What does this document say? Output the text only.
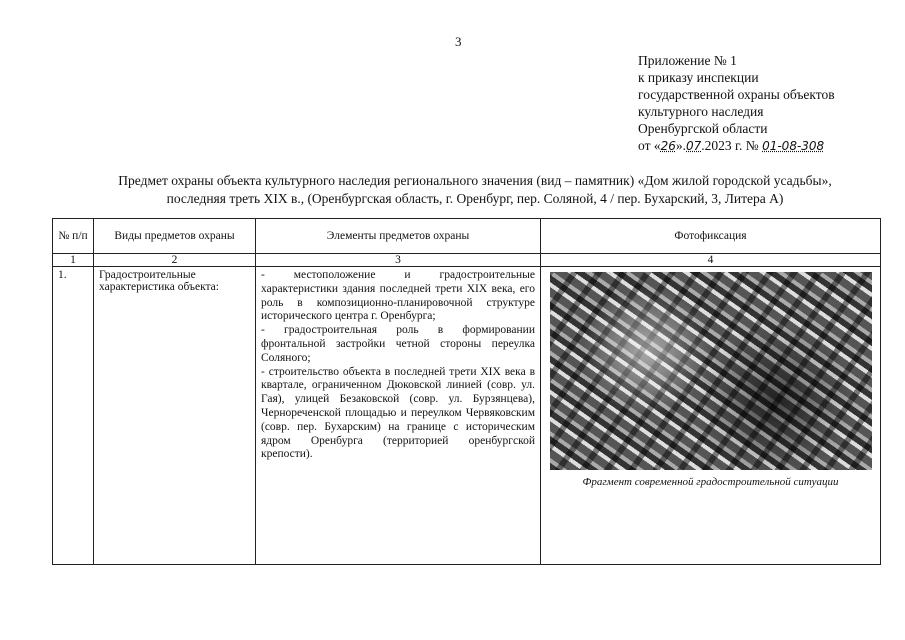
3
Приложение № 1
к приказу инспекции
государственной охраны объектов
культурного наследия
Оренбургской области
от «26».07.2023 г. № 01-08-308
Предмет охраны объекта культурного наследия регионального значения (вид – памятник) «Дом жилой городской усадьбы»,
последняя треть XIX в., (Оренбургская область, г. Оренбург, пер. Соляной, 4 / пер. Бухарский, 3, Литера А)
№ п/п	Виды предметов охраны	Элементы предметов охраны	Фотофиксация
1	2	3	4
1.	Градостроительные характеристика объекта:	- местоположение и градостроительные характеристики здания последней трети XIX века, его роль в композиционно-планировочной структуре исторического центра г. Оренбурга;
- градостроительная роль в формировании фронтальной застройки четной стороны переулка Соляного;
- строительство объекта в последней трети XIX века в квартале, ограниченном Дюковской линией (совр. ул. Гая), улицей Безаковской (совр. ул. Бурзянцева), Чернореченской площадью и переулком Червяковским (совр. пер. Бухарским) на границе с историческим ядром Оренбурга (территорией оренбургской крепости).	Фрагмент современной градостроительной ситуации
